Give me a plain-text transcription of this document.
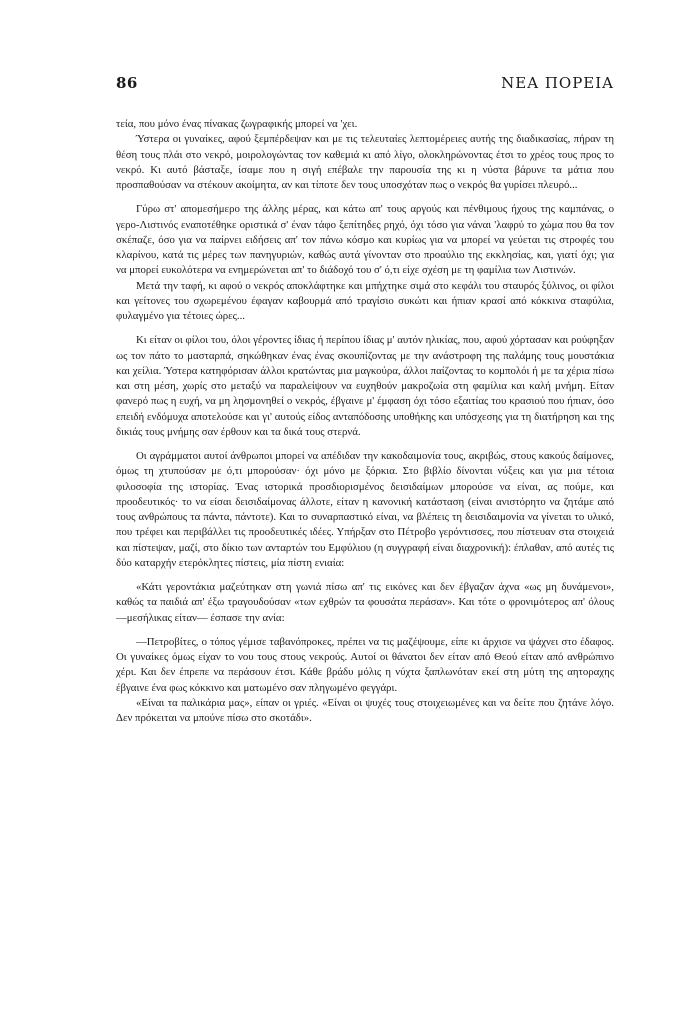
86	ΝΕΑ ΠΟΡΕΙΑ

τεία, που μόνο ένας πίνακας ζωγραφικής μπορεί να 'χει.

Ύστερα οι γυναίκες, αφού ξεμπέρδεψαν και με τις τελευταίες λεπτομέρειες αυτής της διαδικασίας, πήραν τη θέση τους πλάι στο νεκρό, μοιρολογώντας τον καθεμιά κι από λίγο, ολοκληρώνοντας έτσι το χρέος τους προς το νεκρό. Κι αυτό βάσταξε, ίσαμε που η σιγή επέβαλε την παρουσία της κι η νύστα βάρυνε τα μάτια που προσπαθούσαν να στέκουν ακοίμητα, αν και τίποτε δεν τους υποσχόταν πως ο νεκρός θα γυρίσει πλευρό...

Γύρω στ' απομεσήμερο της άλλης μέρας, και κάτω απ' τους αργούς και πένθιμους ήχους της καμπάνας, ο γερο-Λιστινός εναποτέθηκε οριστικά σ' έναν τάφο ξεπίτηδες ρηχό, όχι τόσο για νάναι 'λαφρύ το χώμα που θα τον σκέπαζε, όσο για να παίρνει ειδήσεις απ' τον πάνω κόσμο και κυρίως για να μπορεί να γεύεται τις στροφές του κλαρίνου, κατά τις μέρες των πανηγυριών, καθώς αυτά γίνονταν στο προαύλιο της εκκλησίας, και, γιατί όχι; για να μπορεί ευκολότερα να ενημερώνεται απ' το διάδοχό του σ' ό,τι είχε σχέση με τη φαμίλια των Λιστινών.

Μετά την ταφή, κι αφού ο νεκρός αποκλάφτηκε και μπήχτηκε σιμά στο κεφάλι του σταυρός ξύλινος, οι φίλοι και γείτονες του σχωρεμένου έφαγαν καβουρμά από τραγίσιο συκώτι και ήπιαν κρασί από κόκκινα σταφύλια, φυλαγμένο για τέτοιες ώρες...

Κι είταν οι φίλοι του, όλοι γέροντες ίδιας ή περίπου ίδιας μ' αυτόν ηλικίας, που, αφού χόρτασαν και ρούφηξαν ως τον πάτο το μασταρπά, σηκώθηκαν ένας ένας σκουπίζοντας με την ανάστροφη της παλάμης τους μουστάκια και χείλια. Ύστερα κατηφόρισαν άλλοι κρατώντας μια μαγκούρα, άλλοι παίζοντας το κομπολόι ή με τα χέρια πίσω και στη μέση, χωρίς στο μεταξύ να παραλείψουν να ευχηθούν μακροζωία στη φαμίλια και καλή μνήμη. Είταν φανερό πως η ευχή, να μη λησμονηθεί ο νεκρός, έβγαινε μ' έμφαση όχι τόσο εξαιτίας του κρασιού που ήπιαν, όσο επειδή ενδόμυχα αποτελούσε και γι' αυτούς είδος ανταπόδοσης υποθήκης και υπόσχεσης για τη διατήρηση και της δικιάς τους μνήμης σαν έρθουν και τα δικά τους στερνά.

Οι αγράμματοι αυτοί άνθρωποι μπορεί να απέδιδαν την κακοδαιμονία τους, ακριβώς, στους κακούς δαίμονες, όμως τη χτυπούσαν με ό,τι μπορούσαν· όχι μόνο με ξόρκια. Στο βιβλίο δίνονται νύξεις και για μια τέτοια φιλοσοφία της ιστορίας. Ένας ιστορικά προσδιορισμένος δεισιδαίμων μπορούσε να είναι, ας πούμε, και προοδευτικός· το να είσαι δεισιδαίμονας άλλοτε, είταν η κανονική κατάσταση (είναι ανιστόρητο να ζητάμε από τους ανθρώπους τα πάντα, πάντοτε). Και το συναρπαστικό είναι, να βλέπεις τη δεισιδαιμονία να γίνεται το υλικό, που τρέφει και περιβάλλει τις προοδευτικές ιδέες. Υπήρξαν στο Πέτροβο γερόντισσες, που πίστευαν στα στοιχειά και πίστεψαν, μαζί, στο δίκιο των ανταρτών του Εμφύλιου (η συγγραφή είναι διαχρονική): έπλαθαν, από αυτές τις δύο καταρχήν ετερόκλητες πίστεις, μία πίστη ενιαία:

«Κάτι γεροντάκια μαζεύτηκαν στη γωνιά πίσω απ' τις εικόνες και δεν έβγαζαν άχνα «ως μη δυνάμενοι», καθώς τα παιδιά απ' έξω τραγουδούσαν «των εχθρών τα φουσάτα περάσαν». Και τότε ο φρονιμότερος απ' όλους —μεσήλικας είταν— έσπασε την ανία:

—Πετροβίτες, ο τόπος γέμισε ταβανόπροκες, πρέπει να τις μαζέψουμε, είπε κι άρχισε να ψάχνει στο έδαφος. Οι γυναίκες όμως είχαν το νου τους στους νεκρούς. Αυτοί οι θάνατοι δεν είταν από Θεού είταν από ανθρώπινο χέρι. Και δεν έπρεπε να περάσουν έτσι. Κάθε βράδυ μόλις η νύχτα ξαπλωνόταν εκεί στη μύτη της αητοραχης έβγαινε ένα φως κόκκινο και ματωμένο σαν πληγωμένο φεγγάρι.

«Είναι τα παλικάρια μας», είπαν οι γριές. «Είναι οι ψυχές τους στοιχειωμένες και να δείτε που ζητάνε λόγο. Δεν πρόκειται να μπούνε πίσω στο σκοτάδι».
